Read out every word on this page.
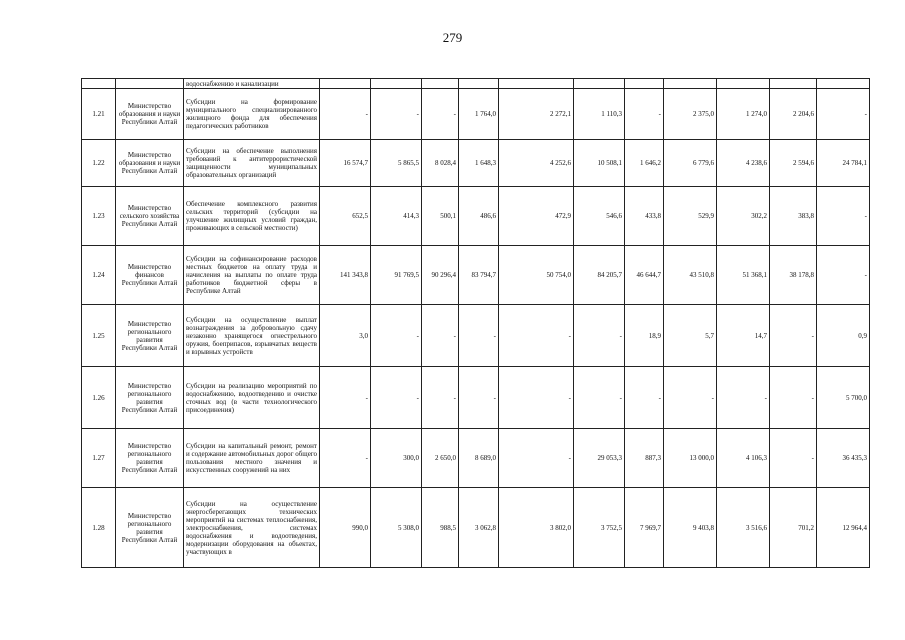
279
		водоснабжению и канализации											
1.21	Министерство образования и науки Республики Алтай	Субсидии на формирование муниципального специализированного жилищного фонда для обеспечения педагогических работников	-	-	-	1 764,0	2 272,1	1 110,3	-	2 375,0	1 274,0	2 204,6	-
1.22	Министерство образования и науки Республики Алтай	Субсидии на обеспечение выполнения требований к антитеррористической защищенности муниципальных образовательных организаций	16 574,7	5 865,5	8 028,4	1 648,3	4 252,6	10 508,1	1 646,2	6 779,6	4 238,6	2 594,6	24 784,1
1.23	Министерство сельского хозяйства Республики Алтай	Обеспечение комплексного развития сельских территорий (субсидии на улучшение жилищных условий граждан, проживающих в сельской местности)	652,5	414,3	500,1	486,6	472,9	546,6	433,8	529,9	302,2	383,8	-
1.24	Министерство финансов Республики Алтай	Субсидии на софинансирование расходов местных бюджетов на оплату труда и начисления на выплаты по оплате труда работников бюджетной сферы в Республике Алтай	141 343,8	91 769,5	90 296,4	83 794,7	50 754,0	84 205,7	46 644,7	43 510,8	51 368,1	38 178,8	-
1.25	Министерство регионального развития Республики Алтай	Субсидии на осуществление выплат вознаграждения за добровольную сдачу незаконно хранящегося огнестрельного оружия, боеприпасов, взрывчатых веществ и взрывных устройств	3,0	-	-	-	-	-	18,9	5,7	14,7	-	0,9
1.26	Министерство регионального развития Республики Алтай	Субсидии на реализацию мероприятий по водоснабжению, водоотведению и очистке сточных вод (в части технологического присоединения)	-	-	-	-	-	-	-	-	-	-	5 700,0
1.27	Министерство регионального развития Республики Алтай	Субсидии на капитальный ремонт, ремонт и содержание автомобильных дорог общего пользования местного значения и искусственных сооружений на них	-	300,0	2 650,0	8 689,0	-	29 053,3	887,3	13 000,0	4 106,3	-	36 435,3
1.28	Министерство регионального развития Республики Алтай	Субсидии на осуществление энергосберегающих технических мероприятий на системах теплоснабжения, электроснабжения, системах водоснабжения и водоотведения, модернизации оборудования на объектах, участвующих в	990,0	5 308,0	988,5	3 062,8	3 802,0	3 752,5	7 969,7	9 403,8	3 516,6	701,2	12 964,4
